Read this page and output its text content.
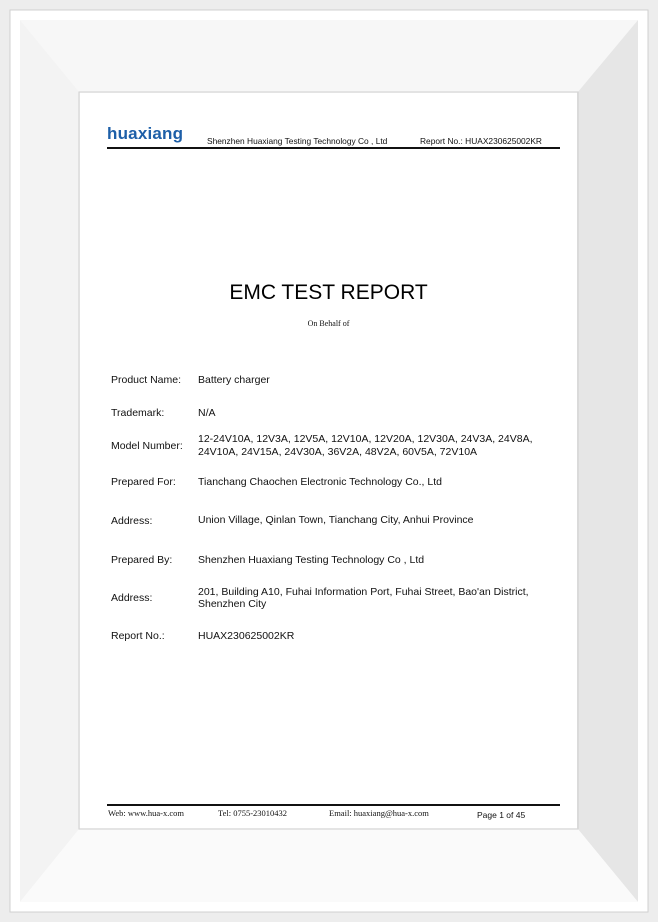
huaxiang	Shenzhen Huaxiang Testing Technology Co , Ltd	Report No.: HUAX230625002KR
EMC TEST REPORT
On Behalf of
Product Name: Battery charger
Trademark:	N/A
Model Number:
12-24V10A, 12V3A, 12V5A, 12V10A, 12V20A, 12V30A, 24V3A, 24V8A,
24V10A, 24V15A, 24V30A, 36V2A, 48V2A, 60V5A, 72V10A
Prepared For: Tianchang Chaochen Electronic Technology Co., Ltd
Address:	Union Village, Qinlan Town, Tianchang City, Anhui Province
Prepared By: Shenzhen Huaxiang Testing Technology Co , Ltd
Address:	201, Building A10, Fuhai Information Port, Fuhai Street, Bao'an District,
Shenzhen City
Report No.:	HUAX230625002KR
Web: www.hua-x.com	Tel: 0755-23010432	Email: huaxiang@hua-x.com	Page 1 of 45
